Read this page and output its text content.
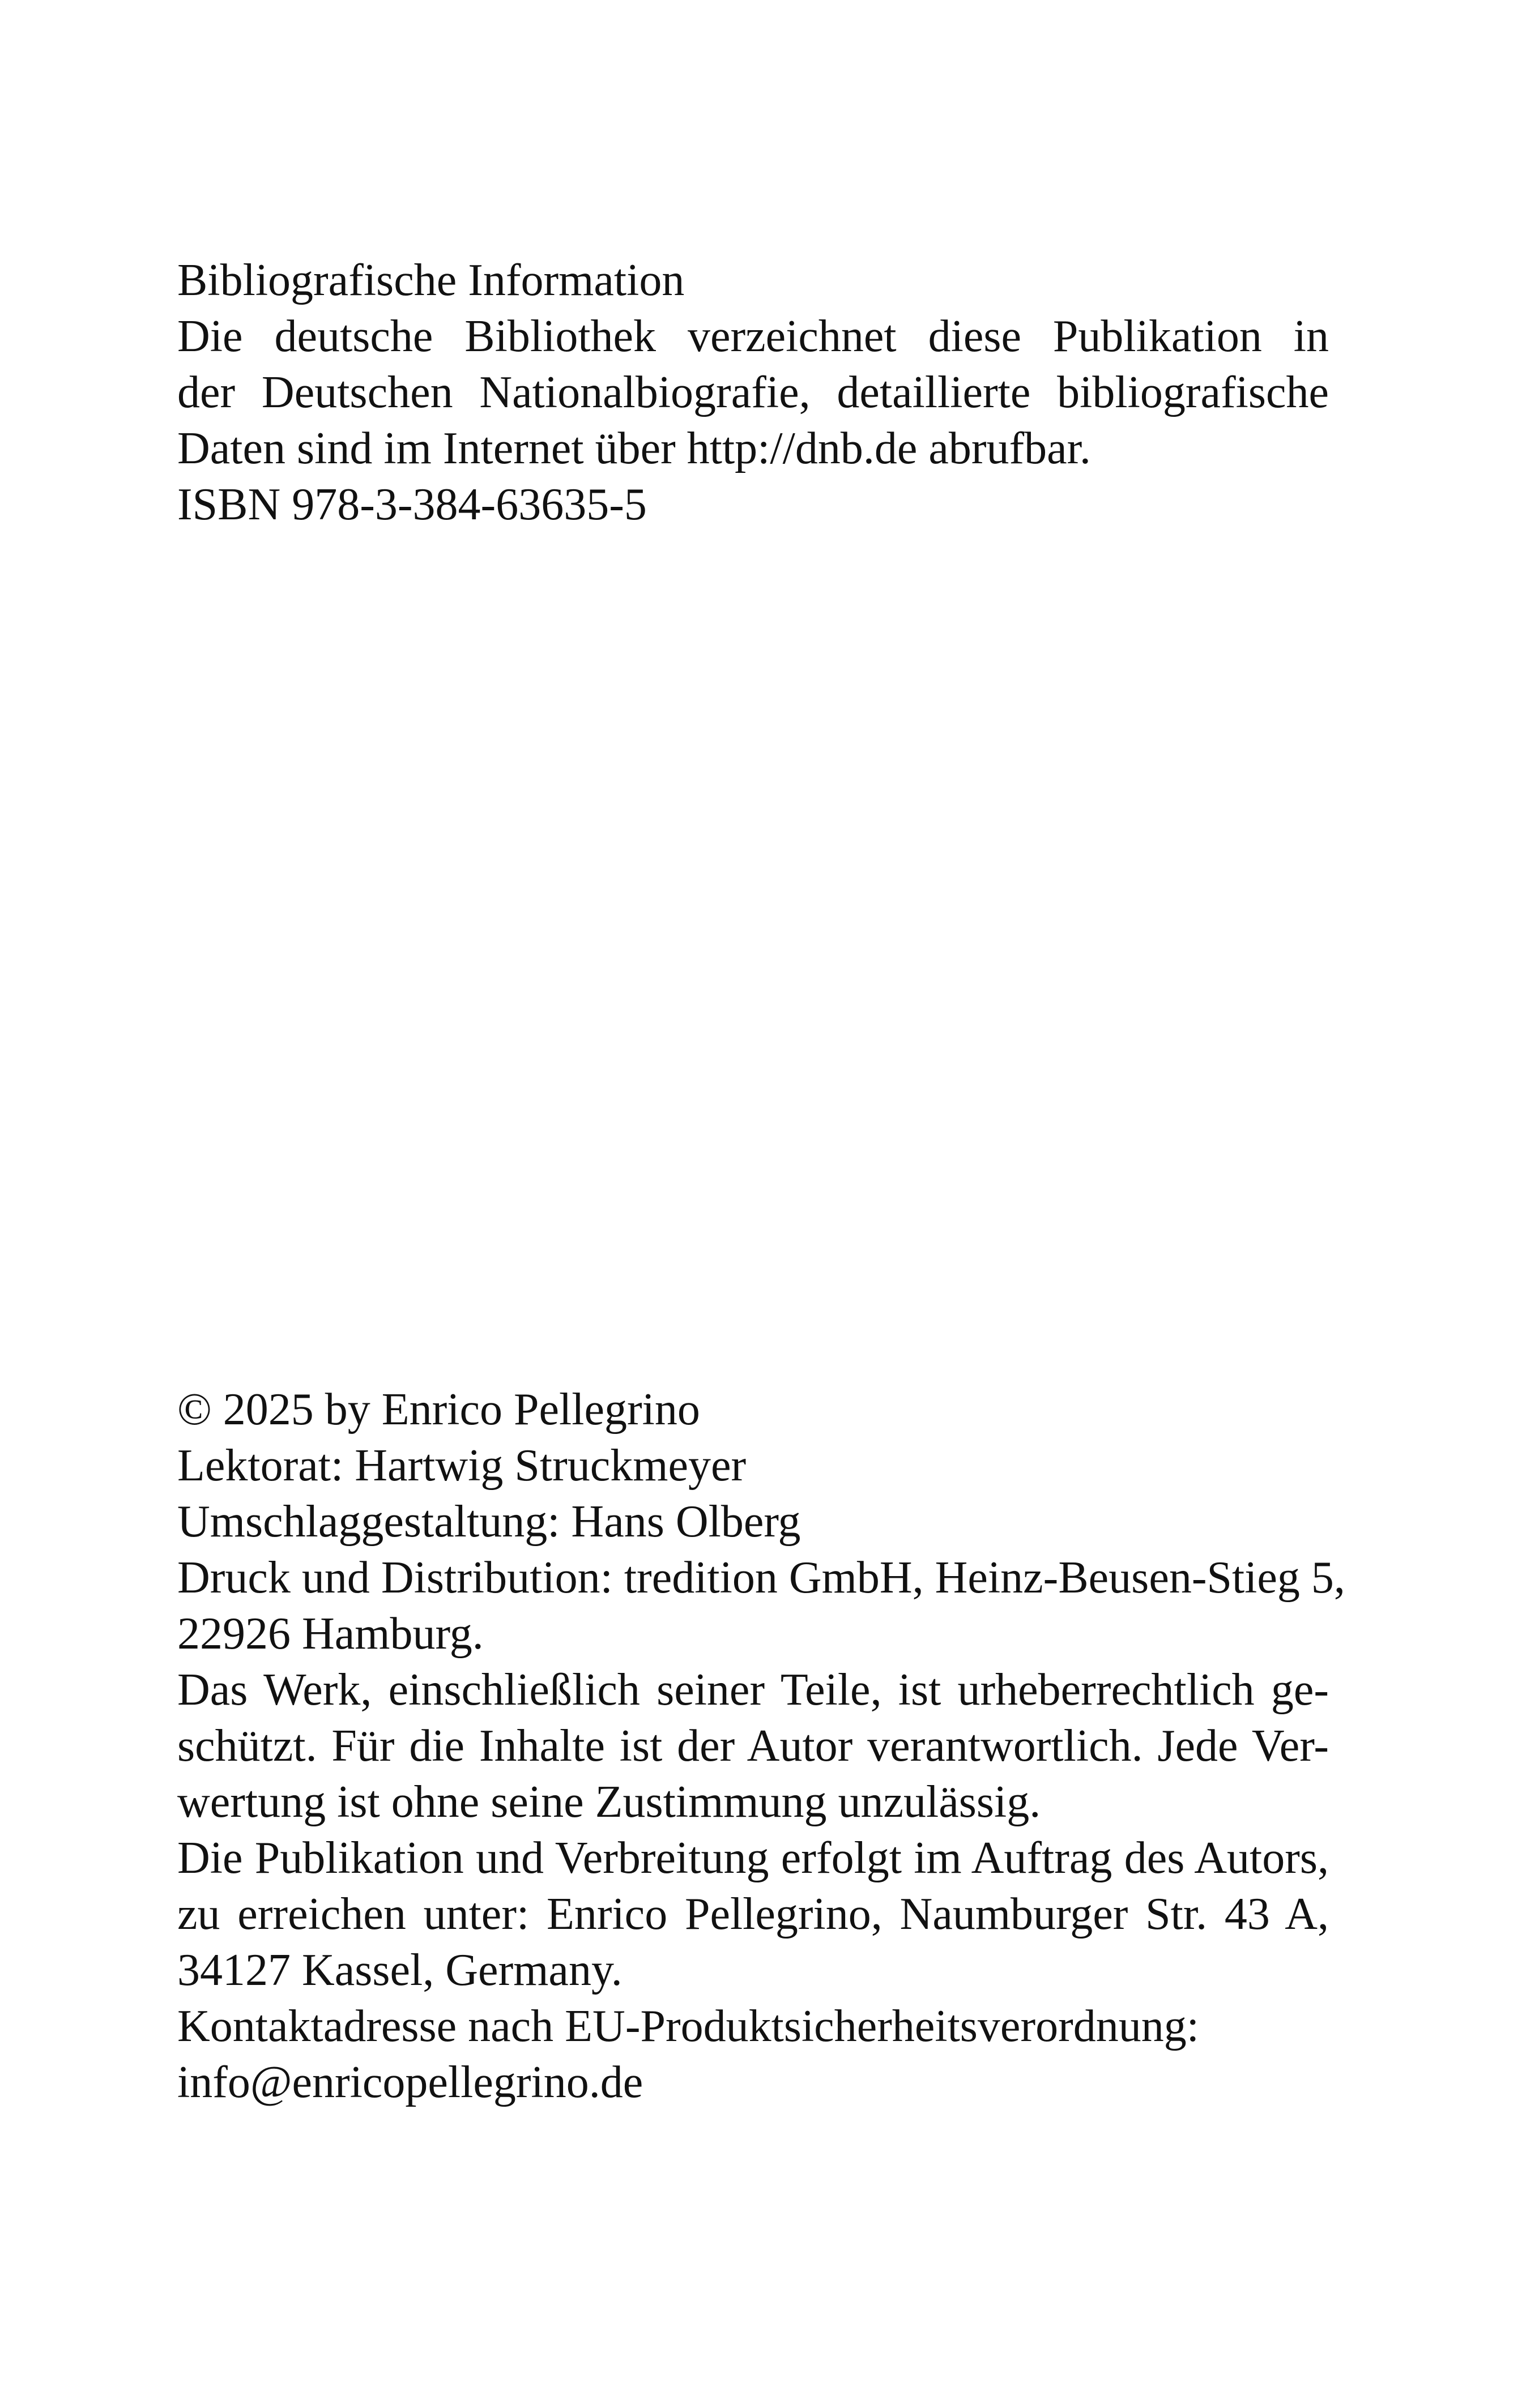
Bibliografische Information
Die deutsche Bibliothek verzeichnet diese Publikation in
der Deutschen Nationalbiografie, detaillierte bibliografische
Daten sind im Internet über http://dnb.de abrufbar.
ISBN 978-3-384-63635-5
© 2025 by Enrico Pellegrino
Lektorat: Hartwig Struckmeyer
Umschlaggestaltung: Hans Olberg
Druck und Distribution: tredition GmbH, Heinz-Beusen-Stieg 5,
22926 Hamburg.
Das Werk, einschließlich seiner Teile, ist urheberrechtlich ge-
schützt. Für die Inhalte ist der Autor verantwortlich. Jede Ver-
wertung ist ohne seine Zustimmung unzulässig.
Die Publikation und Verbreitung erfolgt im Auftrag des Autors,
zu erreichen unter: Enrico Pellegrino, Naumburger Str. 43 A,
34127 Kassel, Germany.
Kontaktadresse nach EU-Produktsicherheitsverordnung:
info@enricopellegrino.de
